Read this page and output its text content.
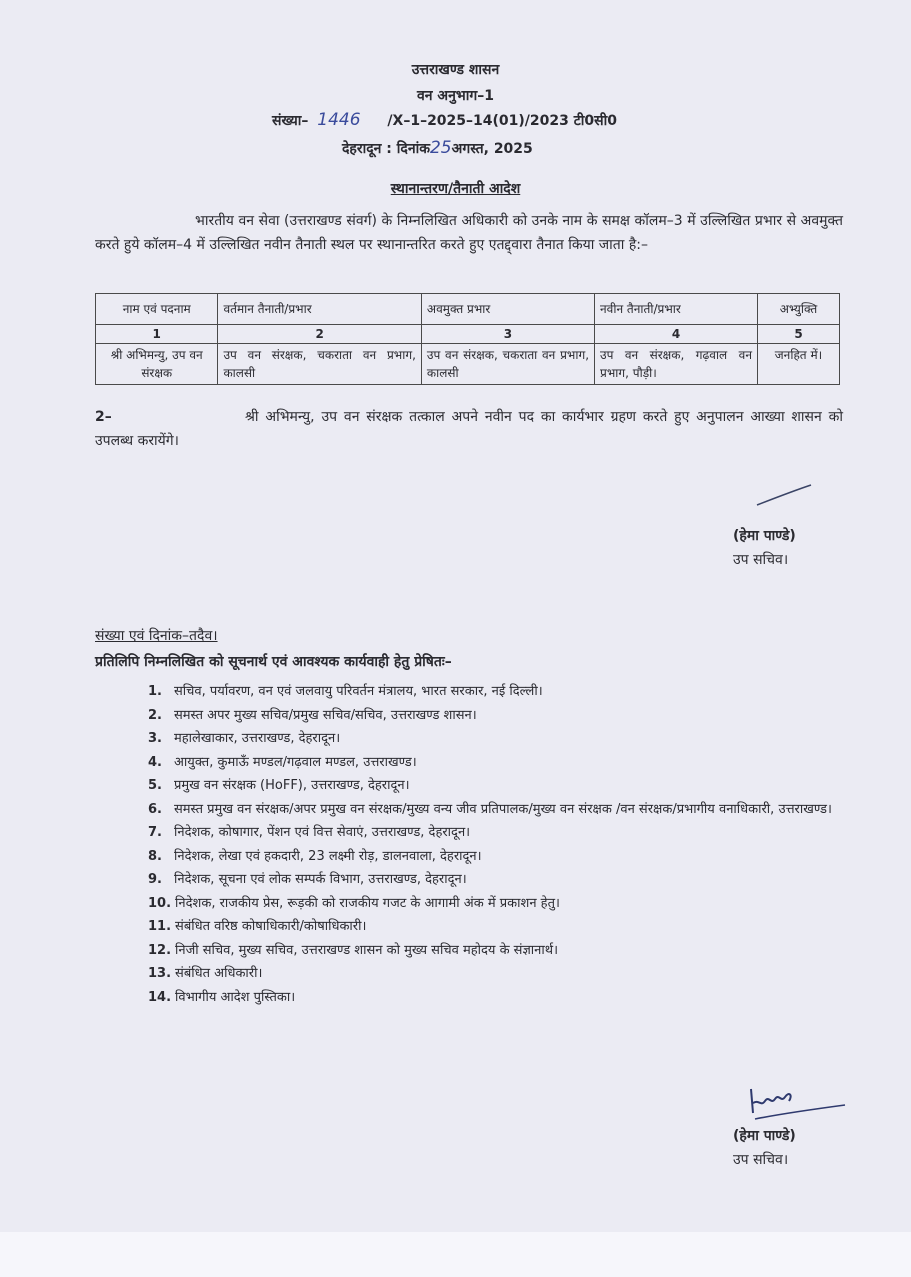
उत्तराखण्ड शासन
वन अनुभाग–1
संख्या– 1446 /X–1–2025–14(01)/2023 टी0सी0
देहरादून : दिनांक25अगस्त, 2025
स्थानान्तरण/तैनाती आदेश
भारतीय वन सेवा (उत्तराखण्ड संवर्ग) के निम्नलिखित अधिकारी को उनके नाम के समक्ष कॉलम–3 में उल्लिखित प्रभार से अवमुक्त करते हुये कॉलम–4 में उल्लिखित नवीन तैनाती स्थल पर स्थानान्तरित करते हुए एतद्द्वारा तैनात किया जाता है:–
नाम एवं पदनाम	वर्तमान तैनाती/प्रभार	अवमुक्त प्रभार	नवीन तैनाती/प्रभार	अभ्युक्ति
1	2	3	4	5
श्री अभिमन्यु, उप वन संरक्षक	उप वन संरक्षक, चकराता वन प्रभाग, कालसी	उप वन संरक्षक, चकराता वन प्रभाग, कालसी	उप वन संरक्षक, गढ़वाल वन प्रभाग, पौड़ी।	जनहित में।
2–	श्री अभिमन्यु, उप वन संरक्षक तत्काल अपने नवीन पद का कार्यभार ग्रहण करते हुए अनुपालन आख्या शासन को उपलब्ध करायेंगे।
(हेमा पाण्डे)
उप सचिव।
संख्या एवं दिनांक–तदैव।
प्रतिलिपि निम्नलिखित को सूचनार्थ एवं आवश्यक कार्यवाही हेतु प्रेषितः–
1. सचिव, पर्यावरण, वन एवं जलवायु परिवर्तन मंत्रालय, भारत सरकार, नई दिल्ली।
2. समस्त अपर मुख्य सचिव/प्रमुख सचिव/सचिव, उत्तराखण्ड शासन।
3. महालेखाकार, उत्तराखण्ड, देहरादून।
4. आयुक्त, कुमाऊँ मण्डल/गढ़वाल मण्डल, उत्तराखण्ड।
5. प्रमुख वन संरक्षक (HoFF), उत्तराखण्ड, देहरादून।
6. समस्त प्रमुख वन संरक्षक/अपर प्रमुख वन संरक्षक/मुख्य वन्य जीव प्रतिपालक/मुख्य वन संरक्षक /वन संरक्षक/प्रभागीय वनाधिकारी, उत्तराखण्ड।
7. निदेशक, कोषागार, पेंशन एवं वित्त सेवाएं, उत्तराखण्ड, देहरादून।
8. निदेशक, लेखा एवं हकदारी, 23 लक्ष्मी रोड़, डालनवाला, देहरादून।
9. निदेशक, सूचना एवं लोक सम्पर्क विभाग, उत्तराखण्ड, देहरादून।
10. निदेशक, राजकीय प्रेस, रूड़की को राजकीय गजट के आगामी अंक में प्रकाशन हेतु।
11. संबंधित वरिष्ठ कोषाधिकारी/कोषाधिकारी।
12. निजी सचिव, मुख्य सचिव, उत्तराखण्ड शासन को मुख्य सचिव महोदय के संज्ञानार्थ।
13. संबंधित अधिकारी।
14. विभागीय आदेश पुस्तिका।
(हेमा पाण्डे)
उप सचिव।
